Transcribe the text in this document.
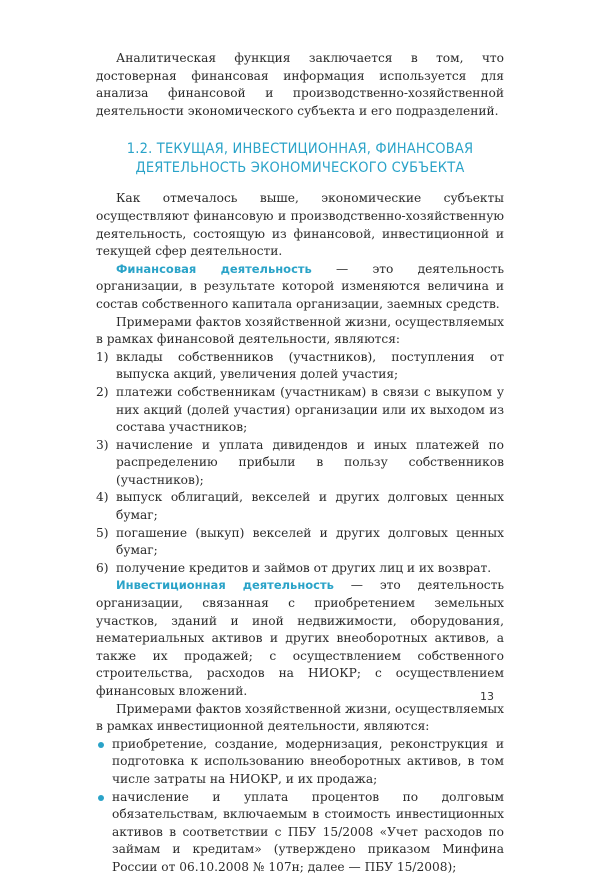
Аналитическая функция заключается в том, что достоверная финансовая информация используется для анализа финансовой и производственно-хозяйственной деятельности экономического субъекта и его подразделений.

1.2. ТЕКУЩАЯ, ИНВЕСТИЦИОННАЯ, ФИНАНСОВАЯ
ДЕЯТЕЛЬНОСТЬ ЭКОНОМИЧЕСКОГО СУБЪЕКТА

Как отмечалось выше, экономические субъекты осуществляют финансовую и производственно-хозяйственную деятельность, состоящую из финансовой, инвестиционной и текущей сфер деятельности.

Финансовая деятельность — это деятельность организации, в результате которой изменяются величина и состав собственного капитала организации, заемных средств.

Примерами фактов хозяйственной жизни, осуществляемых в рамках финансовой деятельности, являются:

1) вклады собственников (участников), поступления от выпуска акций, увеличения долей участия;
2) платежи собственникам (участникам) в связи с выкупом у них акций (долей участия) организации или их выходом из состава участников;
3) начисление и уплата дивидендов и иных платежей по распределению прибыли в пользу собственников (участников);
4) выпуск облигаций, векселей и других долговых ценных бумаг;
5) погашение (выкуп) векселей и других долговых ценных бумаг;
6) получение кредитов и займов от других лиц и их возврат.

Инвестиционная деятельность — это деятельность организации, связанная с приобретением земельных участков, зданий и иной недвижимости, оборудования, нематериальных активов и других внеоборотных активов, а также их продажей; с осуществлением собственного строительства, расходов на НИОКР; с осуществлением финансовых вложений.

Примерами фактов хозяйственной жизни, осуществляемых в рамках инвестиционной деятельности, являются:

приобретение, создание, модернизация, реконструкция и подготовка к использованию внеоборотных активов, в том числе затраты на НИОКР, и их продажа;
начисление и уплата процентов по долговым обязательствам, включаемым в стоимость инвестиционных активов в соответствии с ПБУ 15/2008 «Учет расходов по займам и кредитам» (утверждено приказом Минфина России от 06.10.2008 № 107н; далее — ПБУ 15/2008);
13
